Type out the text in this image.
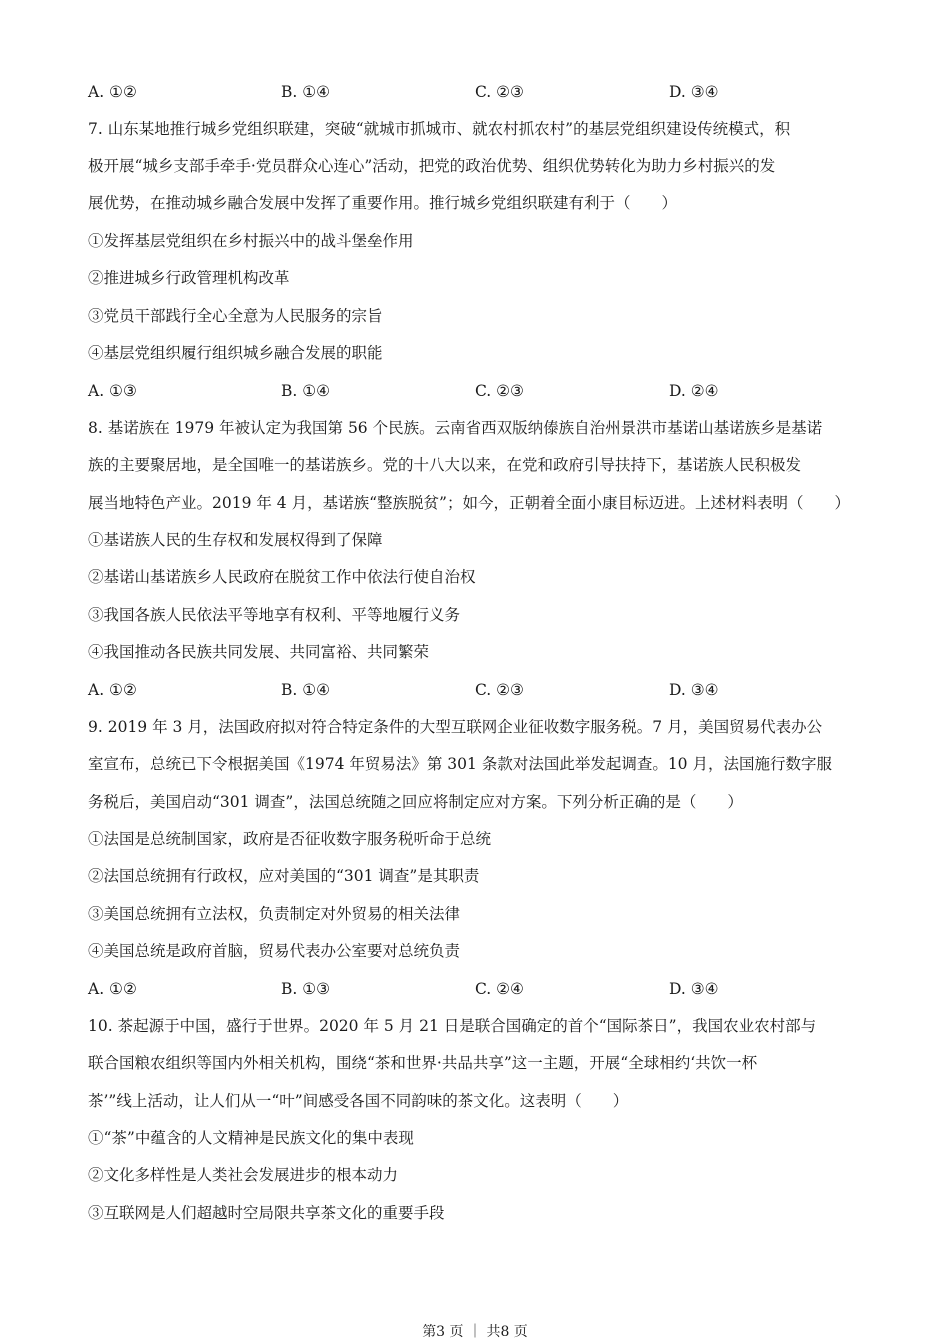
A. ①②	B. ①④	C. ②③	D. ③④
7. 山东某地推行城乡党组织联建，突破“就城市抓城市、就农村抓农村”的基层党组织建设传统模式，积
极开展“城乡支部手牵手·党员群众心连心”活动，把党的政治优势、组织优势转化为助力乡村振兴的发
展优势，在推动城乡融合发展中发挥了重要作用。推行城乡党组织联建有利于（　　）
①发挥基层党组织在乡村振兴中的战斗堡垒作用
②推进城乡行政管理机构改革
③党员干部践行全心全意为人民服务的宗旨
④基层党组织履行组织城乡融合发展的职能
A. ①③	B. ①④	C. ②③	D. ②④
8. 基诺族在 1979 年被认定为我国第 56 个民族。云南省西双版纳傣族自治州景洪市基诺山基诺族乡是基诺
族的主要聚居地，是全国唯一的基诺族乡。党的十八大以来，在党和政府引导扶持下，基诺族人民积极发
展当地特色产业。2019 年 4 月，基诺族“整族脱贫”；如今，正朝着全面小康目标迈进。上述材料表明（　　）
①基诺族人民的生存权和发展权得到了保障
②基诺山基诺族乡人民政府在脱贫工作中依法行使自治权
③我国各族人民依法平等地享有权利、平等地履行义务
④我国推动各民族共同发展、共同富裕、共同繁荣
A. ①②	B. ①④	C. ②③	D. ③④
9. 2019 年 3 月，法国政府拟对符合特定条件的大型互联网企业征收数字服务税。7 月，美国贸易代表办公
室宣布，总统已下令根据美国《1974 年贸易法》第 301 条款对法国此举发起调查。10 月，法国施行数字服
务税后，美国启动“301 调查”，法国总统随之回应将制定应对方案。下列分析正确的是（　　）
①法国是总统制国家，政府是否征收数字服务税听命于总统
②法国总统拥有行政权，应对美国的“301 调查”是其职责
③美国总统拥有立法权，负责制定对外贸易的相关法律
④美国总统是政府首脑，贸易代表办公室要对总统负责
A. ①②	B. ①③	C. ②④	D. ③④
10. 茶起源于中国，盛行于世界。2020 年 5 月 21 日是联合国确定的首个“国际茶日”，我国农业农村部与
联合国粮农组织等国内外相关机构，围绕“茶和世界·共品共享”这一主题，开展“全球相约‘共饮一杯
茶’”线上活动，让人们从一“叶”间感受各国不同韵味的茶文化。这表明（　　）
①“茶”中蕴含的人文精神是民族文化的集中表现
②文化多样性是人类社会发展进步的根本动力
③互联网是人们超越时空局限共享茶文化的重要手段
第3 页 ｜ 共8 页
